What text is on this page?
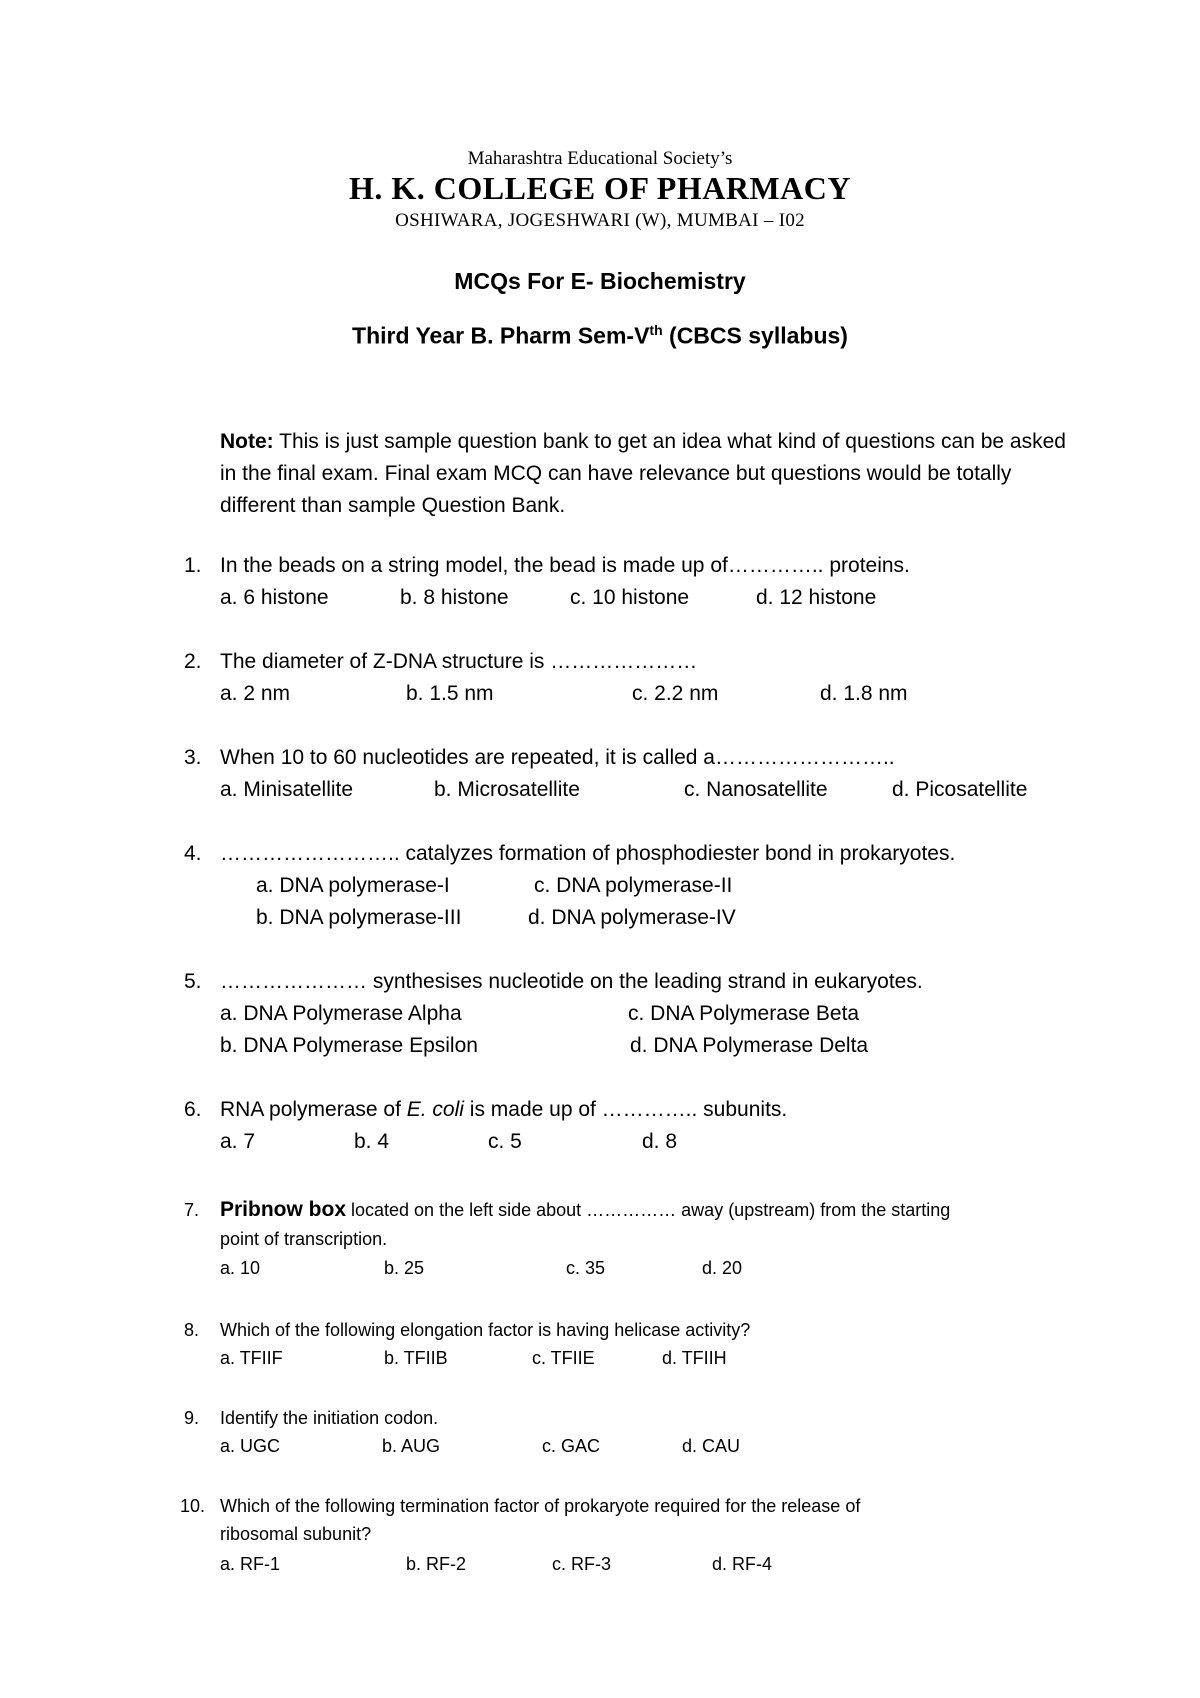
Maharashtra Educational Society’s
H. K. COLLEGE OF PHARMACY
OSHIWARA, JOGESHWARI (W), MUMBAI – I02
MCQs For E- Biochemistry
Third Year B. Pharm Sem-Vth (CBCS syllabus)
Note: This is just sample question bank to get an idea what kind of questions can be asked in the final exam. Final exam MCQ can have relevance but questions would be totally different than sample Question Bank.
1. In the beads on a string model, the bead is made up of………….. proteins.
a. 6 histone	b. 8 histone	c. 10 histone	d. 12 histone
2. The diameter of Z-DNA structure is …………………
a. 2 nm	b. 1.5 nm	c. 2.2 nm	d. 1.8 nm
3. When 10 to 60 nucleotides are repeated, it is called a……………………..
a. Minisatellite	b. Microsatellite	c. Nanosatellite	d. Picosatellite
4. …………………….. catalyzes formation of phosphodiester bond in prokaryotes.
a. DNA polymerase-I	c. DNA polymerase-II
b. DNA polymerase-III	d. DNA polymerase-IV
5. ………………… synthesises nucleotide on the leading strand in eukaryotes.
a. DNA Polymerase Alpha	c. DNA Polymerase Beta
b. DNA Polymerase Epsilon	d. DNA Polymerase Delta
6. RNA polymerase of E. coli is made up of ………….. subunits.
a. 7	b. 4	c. 5	d. 8
7. Pribnow box located on the left side about …………… away (upstream) from the starting
point of transcription.
a. 10	b. 25	c. 35	d. 20
8. Which of the following elongation factor is having helicase activity?
a. TFIIF	b. TFIIB	c. TFIIE	d. TFIIH
9. Identify the initiation codon.
a. UGC	b. AUG	c. GAC	d. CAU
10. Which of the following termination factor of prokaryote required for the release of
ribosomal subunit?
a. RF-1	b. RF-2	c. RF-3	d. RF-4
